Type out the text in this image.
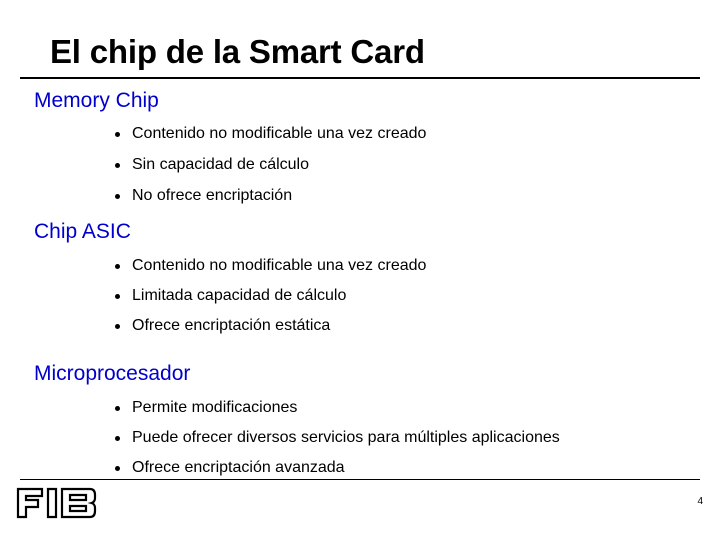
El chip de la Smart Card
Memory Chip
Contenido no modificable una vez creado
Sin capacidad de cálculo
No ofrece encriptación
Chip ASIC
Contenido no modificable una vez creado
Limitada capacidad de cálculo
Ofrece encriptación estática
Microprocesador
Permite modificaciones
Puede ofrecer diversos servicios para múltiples aplicaciones
Ofrece encriptación avanzada
4
